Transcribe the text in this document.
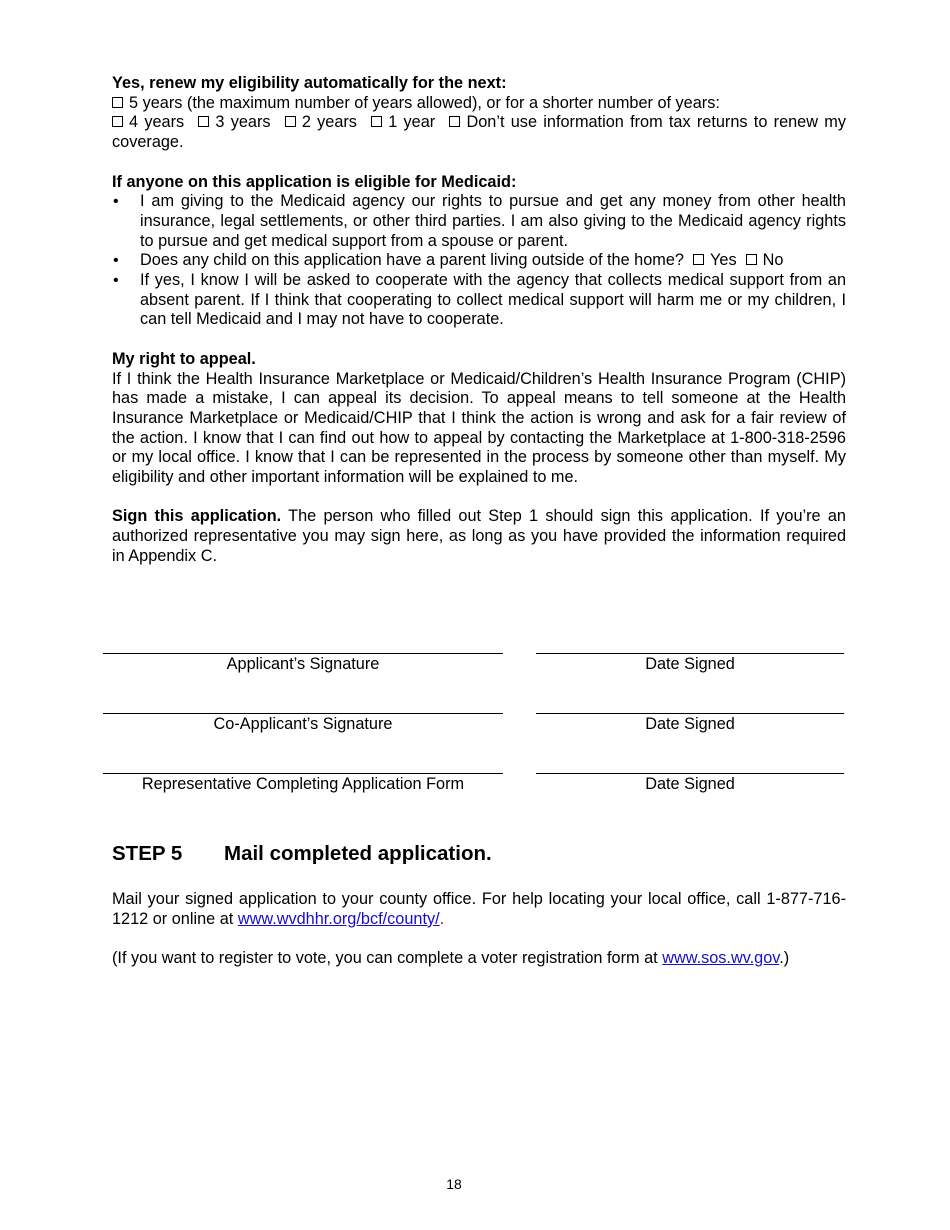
Yes, renew my eligibility automatically for the next:

5 years (the maximum number of years allowed), or for a shorter number of years:

4 years 3 years 2 years 1 year Don’t use information from tax returns to renew my coverage.

If anyone on this application is eligible for Medicaid:

• I am giving to the Medicaid agency our rights to pursue and get any money from other health insurance, legal settlements, or other third parties. I am also giving to the Medicaid agency rights to pursue and get medical support from a spouse or parent.
• Does any child on this application have a parent living outside of the home? Yes No
• If yes, I know I will be asked to cooperate with the agency that collects medical support from an absent parent. If I think that cooperating to collect medical support will harm me or my children, I can tell Medicaid and I may not have to cooperate.

My right to appeal.

If I think the Health Insurance Marketplace or Medicaid/Children’s Health Insurance Program (CHIP) has made a mistake, I can appeal its decision. To appeal means to tell someone at the Health Insurance Marketplace or Medicaid/CHIP that I think the action is wrong and ask for a fair review of the action. I know that I can find out how to appeal by contacting the Marketplace at 1-800-318-2596 or my local office. I know that I can be represented in the process by someone other than myself. My eligibility and other important information will be explained to me.

Sign this application. The person who filled out Step 1 should sign this application. If you’re an authorized representative you may sign here, as long as you have provided the information required in Appendix C.

Applicant’s Signature	Date Signed
Co-Applicant’s Signature	Date Signed
Representative Completing Application Form	Date Signed
STEP 5 Mail completed application.

Mail your signed application to your county office. For help locating your local office, call 1-877-716-1212 or online at www.wvdhhr.org/bcf/county/.

(If you want to register to vote, you can complete a voter registration form at www.sos.wv.gov.)

18
